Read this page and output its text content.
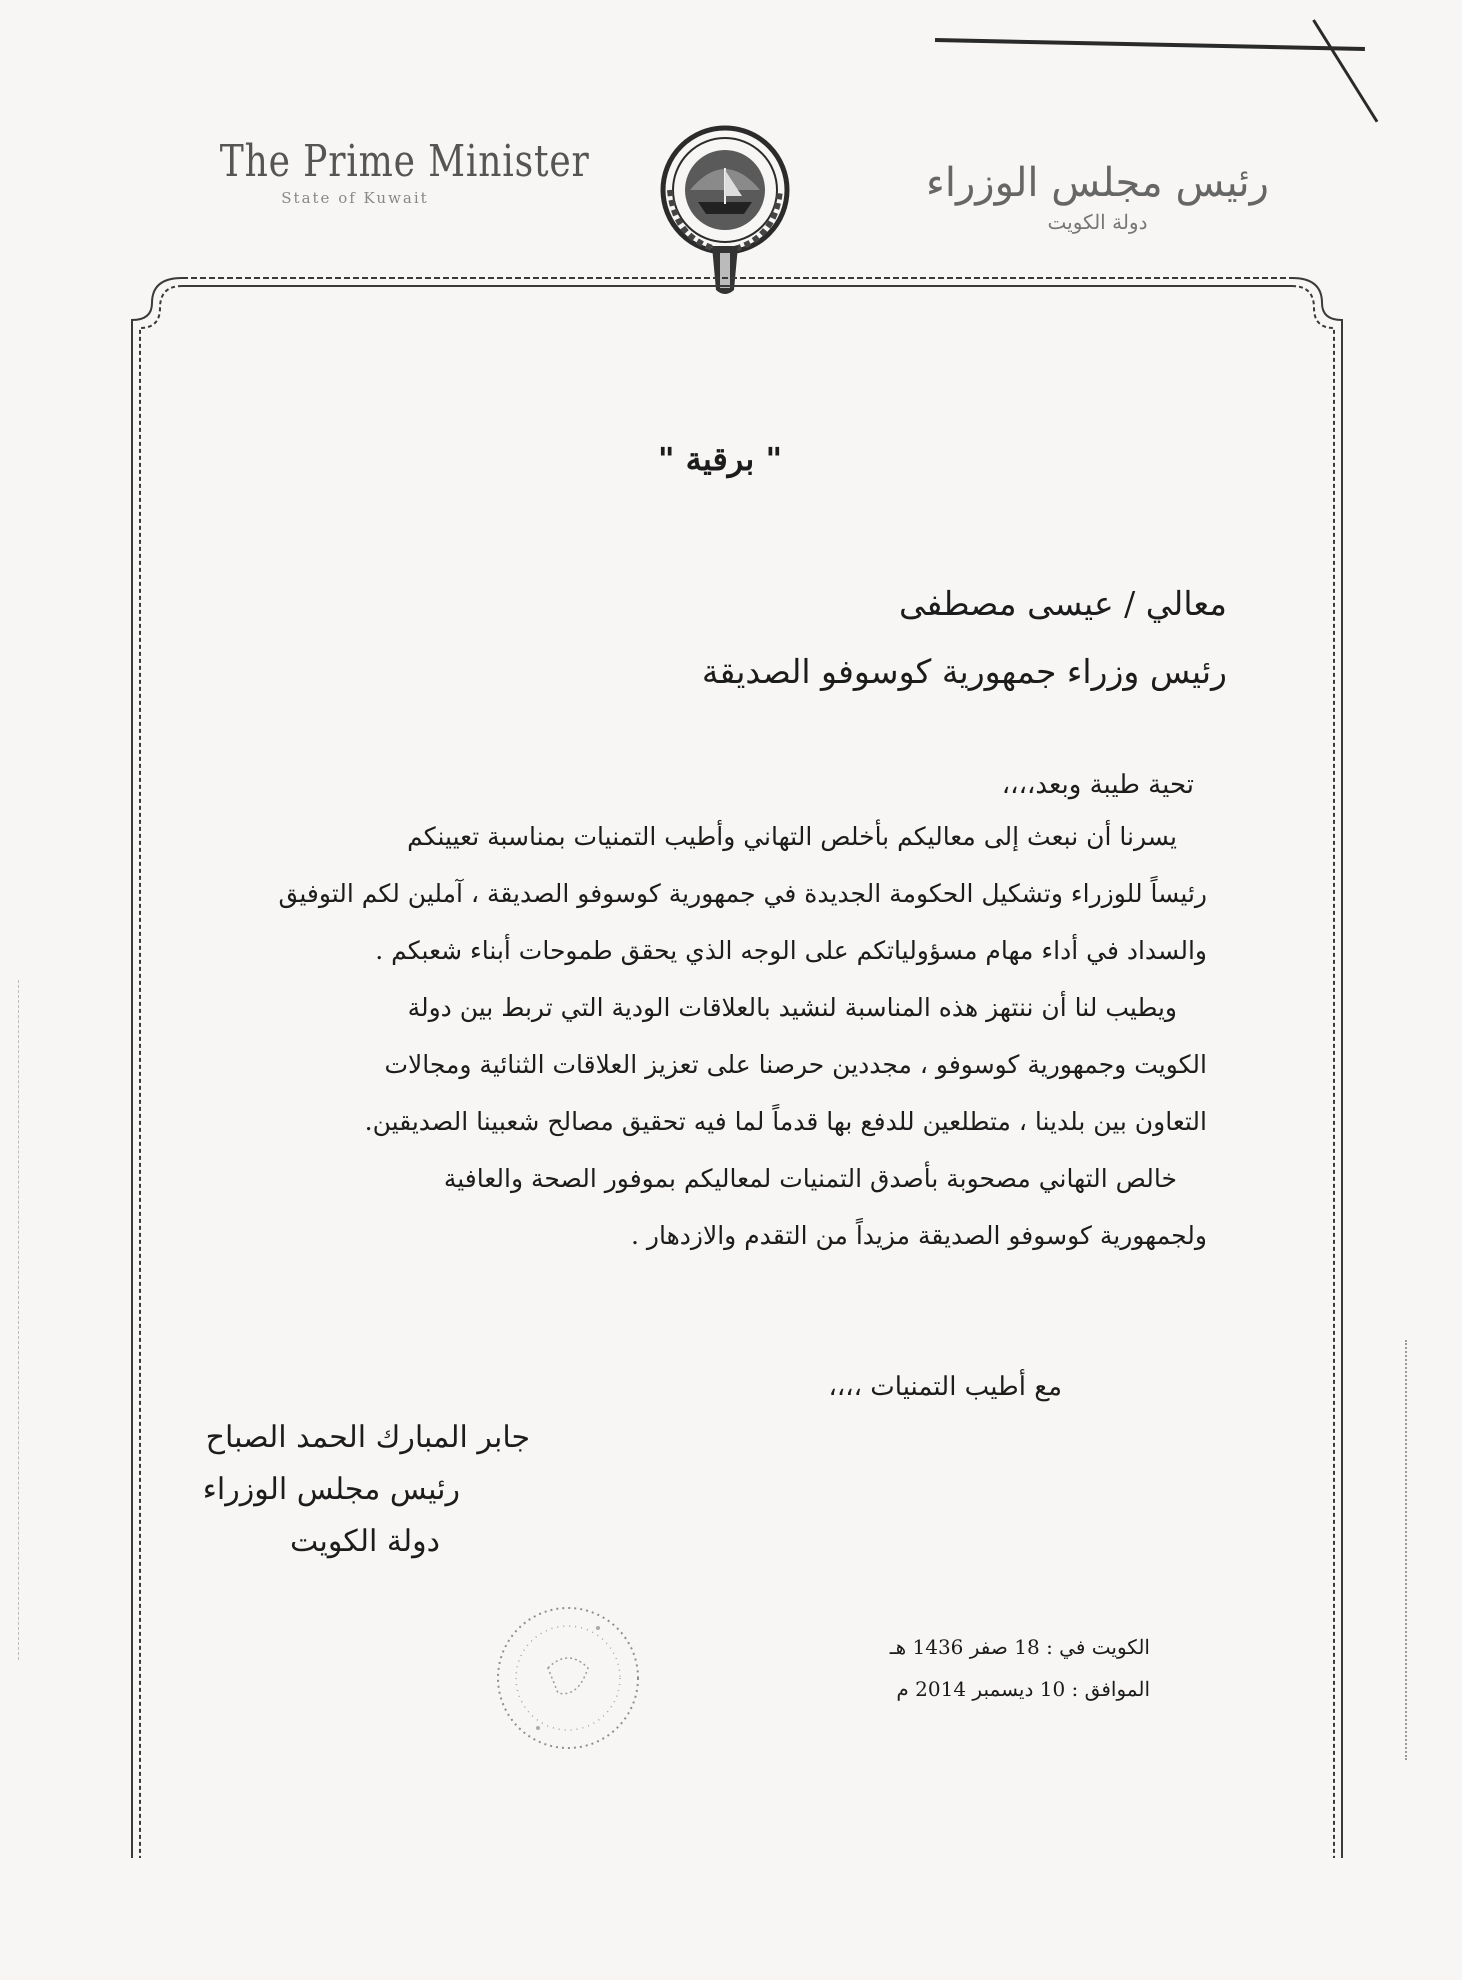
The Prime Minister
State of Kuwait	رئيس مجلس الوزراء
دولة الكويت
" برقية "
معالي / عيسى مصطفى
رئيس وزراء جمهورية كوسوفو الصديقة
تحية طيبة وبعد،،،،

يسرنا أن نبعث إلى معاليكم بأخلص التهاني وأطيب التمنيات بمناسبة تعيينكم

رئيساً للوزراء وتشكيل الحكومة الجديدة في جمهورية كوسوفو الصديقة ، آملين لكم التوفيق

والسداد في أداء مهام مسؤولياتكم على الوجه الذي يحقق طموحات أبناء شعبكم .

ويطيب لنا أن ننتهز هذه المناسبة لنشيد بالعلاقات الودية التي تربط بين دولة

الكويت وجمهورية كوسوفو ، مجددين حرصنا على تعزيز العلاقات الثنائية ومجالات

التعاون بين بلدينا ، متطلعين للدفع بها قدماً لما فيه تحقيق مصالح شعبينا الصديقين.

خالص التهاني مصحوبة بأصدق التمنيات لمعاليكم بموفور الصحة والعافية

ولجمهورية كوسوفو الصديقة مزيداً من التقدم والازدهار .

مع أطيب التمنيات ،،،،
جابر المبارك الحمد الصباح
رئيس مجلس الوزراء
دولة الكويت
الكويت في : 18 صفر 1436 هـ
الموافق : 10 ديسمبر 2014 م
